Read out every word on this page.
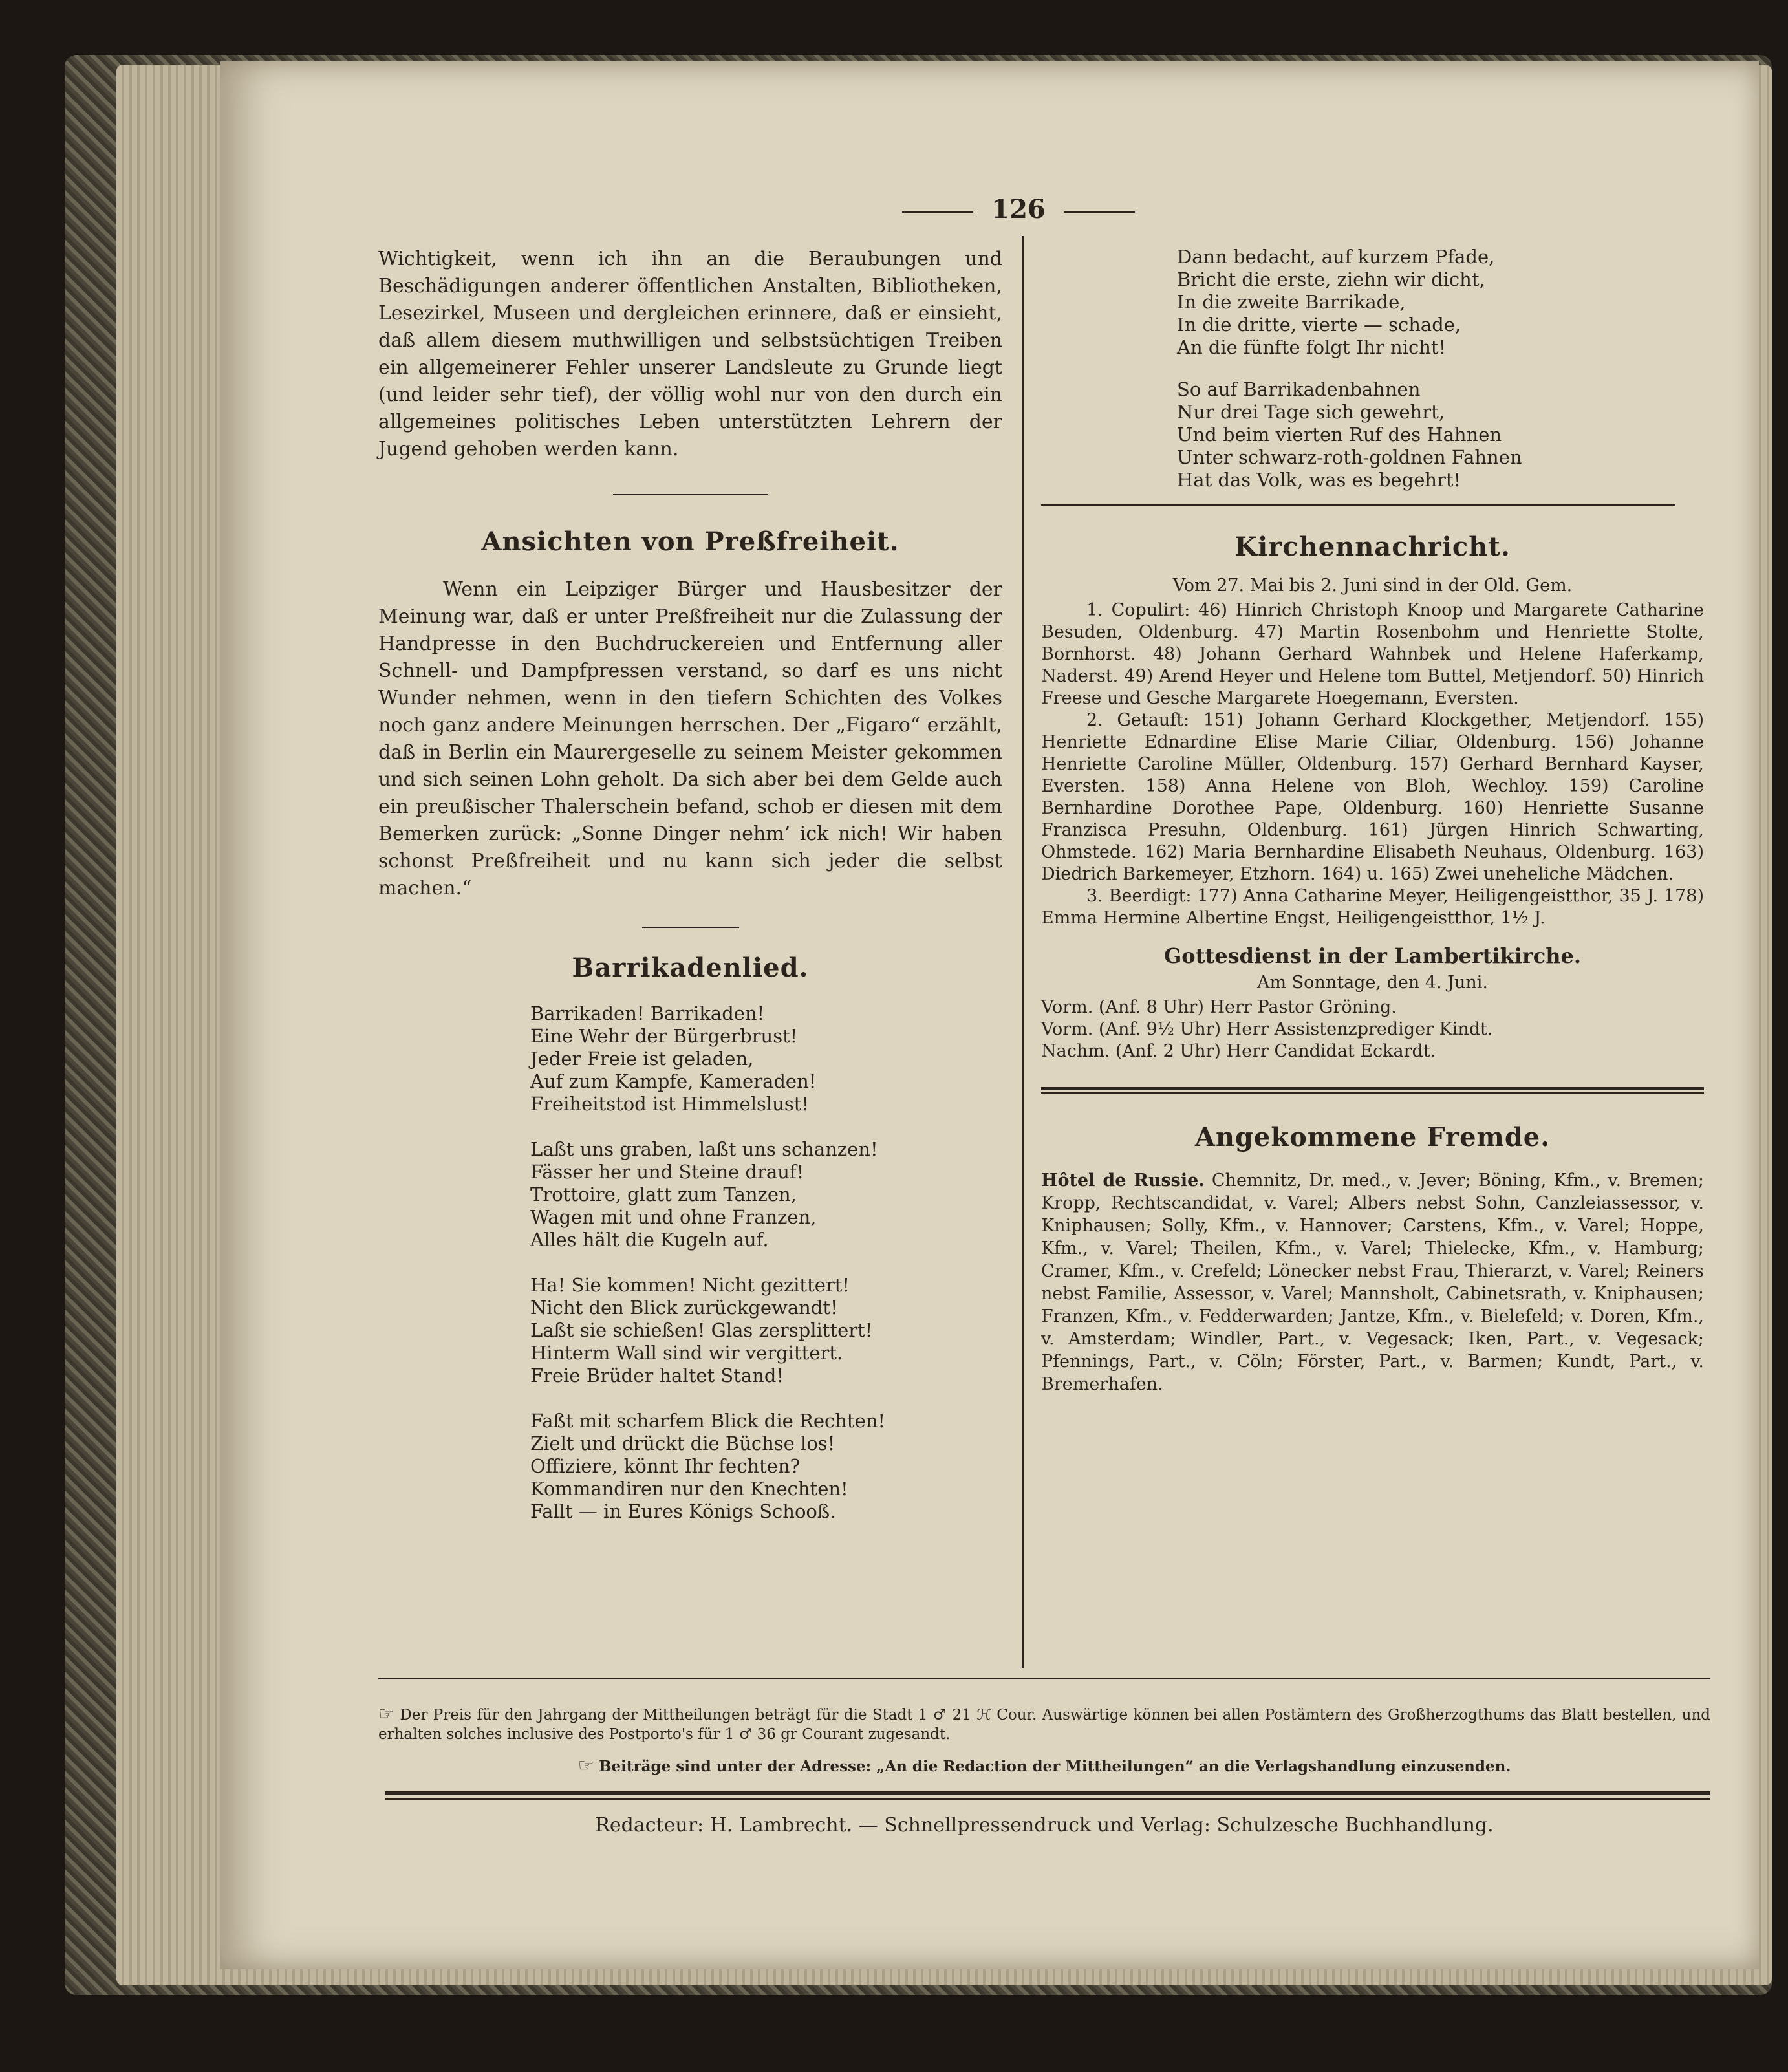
126

Wichtigkeit, wenn ich ihn an die Beraubungen und Beschädigungen anderer öffentlichen Anstalten, Bibliotheken, Lesezirkel, Museen und dergleichen erinnere, daß er einsieht, daß allem diesem muthwilligen und selbstsüchtigen Treiben ein allgemeinerer Fehler unserer Landsleute zu Grunde liegt (und leider sehr tief), der völlig wohl nur von den durch ein allgemeines politisches Leben unterstützten Lehrern der Jugend gehoben werden kann.

Ansichten von Preßfreiheit.

Wenn ein Leipziger Bürger und Hausbesitzer der Meinung war, daß er unter Preßfreiheit nur die Zulassung der Handpresse in den Buchdruckereien und Entfernung aller Schnell- und Dampfpressen verstand, so darf es uns nicht Wunder nehmen, wenn in den tiefern Schichten des Volkes noch ganz andere Meinungen herrschen. Der „Figaro“ erzählt, daß in Berlin ein Maurergeselle zu seinem Meister gekommen und sich seinen Lohn geholt. Da sich aber bei dem Gelde auch ein preußischer Thalerschein befand, schob er diesen mit dem Bemerken zurück: „Sonne Dinger nehm’ ick nich! Wir haben schonst Preßfreiheit und nu kann sich jeder die selbst machen.“

Barrikadenlied.

Barrikaden! Barrikaden!

Eine Wehr der Bürgerbrust!

Jeder Freie ist geladen,

Auf zum Kampfe, Kameraden!

Freiheitstod ist Himmelslust!

Laßt uns graben, laßt uns schanzen!

Fässer her und Steine drauf!

Trottoire, glatt zum Tanzen,

Wagen mit und ohne Franzen,

Alles hält die Kugeln auf.

Ha! Sie kommen! Nicht gezittert!

Nicht den Blick zurückgewandt!

Laßt sie schießen! Glas zersplittert!

Hinterm Wall sind wir vergittert.

Freie Brüder haltet Stand!

Faßt mit scharfem Blick die Rechten!

Zielt und drückt die Büchse los!

Offiziere, könnt Ihr fechten?

Kommandiren nur den Knechten!

Fallt — in Eures Königs Schooß.

Dann bedacht, auf kurzem Pfade,

Bricht die erste, ziehn wir dicht,

In die zweite Barrikade,

In die dritte, vierte — schade,

An die fünfte folgt Ihr nicht!

So auf Barrikadenbahnen

Nur drei Tage sich gewehrt,

Und beim vierten Ruf des Hahnen

Unter schwarz-roth-goldnen Fahnen

Hat das Volk, was es begehrt!

Kirchennachricht.

Vom 27. Mai bis 2. Juni sind in der Old. Gem.

1. Copulirt: 46) Hinrich Christoph Knoop und Margarete Catharine Besuden, Oldenburg. 47) Martin Rosenbohm und Henriette Stolte, Bornhorst. 48) Johann Gerhard Wahnbek und Helene Haferkamp, Naderst. 49) Arend Heyer und Helene tom Buttel, Metjendorf. 50) Hinrich Freese und Gesche Margarete Hoegemann, Eversten.

2. Getauft: 151) Johann Gerhard Klockgether, Metjendorf. 155) Henriette Ednardine Elise Marie Ciliar, Oldenburg. 156) Johanne Henriette Caroline Müller, Oldenburg. 157) Gerhard Bernhard Kayser, Eversten. 158) Anna Helene von Bloh, Wechloy. 159) Caroline Bernhardine Dorothee Pape, Oldenburg. 160) Henriette Susanne Franzisca Presuhn, Oldenburg. 161) Jürgen Hinrich Schwarting, Ohmstede. 162) Maria Bernhardine Elisabeth Neuhaus, Oldenburg. 163) Diedrich Barkemeyer, Etzhorn. 164) u. 165) Zwei uneheliche Mädchen.

3. Beerdigt: 177) Anna Catharine Meyer, Heiligengeistthor, 35 J. 178) Emma Hermine Albertine Engst, Heiligengeistthor, 1½ J.

Gottesdienst in der Lambertikirche.

Am Sonntage, den 4. Juni.

Vorm. (Anf. 8 Uhr) Herr Pastor Gröning.

Vorm. (Anf. 9½ Uhr) Herr Assistenzprediger Kindt.

Nachm. (Anf. 2 Uhr) Herr Candidat Eckardt.

Angekommene Fremde.

Hôtel de Russie. Chemnitz, Dr. med., v. Jever; Böning, Kfm., v. Bremen; Kropp, Rechtscandidat, v. Varel; Albers nebst Sohn, Canzleiassessor, v. Kniphausen; Solly, Kfm., v. Hannover; Carstens, Kfm., v. Varel; Hoppe, Kfm., v. Varel; Theilen, Kfm., v. Varel; Thielecke, Kfm., v. Hamburg; Cramer, Kfm., v. Crefeld; Lönecker nebst Frau, Thierarzt, v. Varel; Reiners nebst Familie, Assessor, v. Varel; Mannsholt, Cabinetsrath, v. Kniphausen; Franzen, Kfm., v. Fedderwarden; Jantze, Kfm., v. Bielefeld; v. Doren, Kfm., v. Amsterdam; Windler, Part., v. Vegesack; Iken, Part., v. Vegesack; Pfennings, Part., v. Cöln; Förster, Part., v. Barmen; Kundt, Part., v. Bremerhafen.

☞ Der Preis für den Jahrgang der Mittheilungen beträgt für die Stadt 1 ♂ 21 ℋ Cour. Auswärtige können bei allen Postämtern des Großherzogthums das Blatt bestellen, und erhalten solches inclusive des Postporto's für 1 ♂ 36 gr Courant zugesandt.

☞ Beiträge sind unter der Adresse: „An die Redaction der Mittheilungen“ an die Verlagshandlung einzusenden.

Redacteur: H. Lambrecht. — Schnellpressendruck und Verlag: Schulzesche Buchhandlung.
